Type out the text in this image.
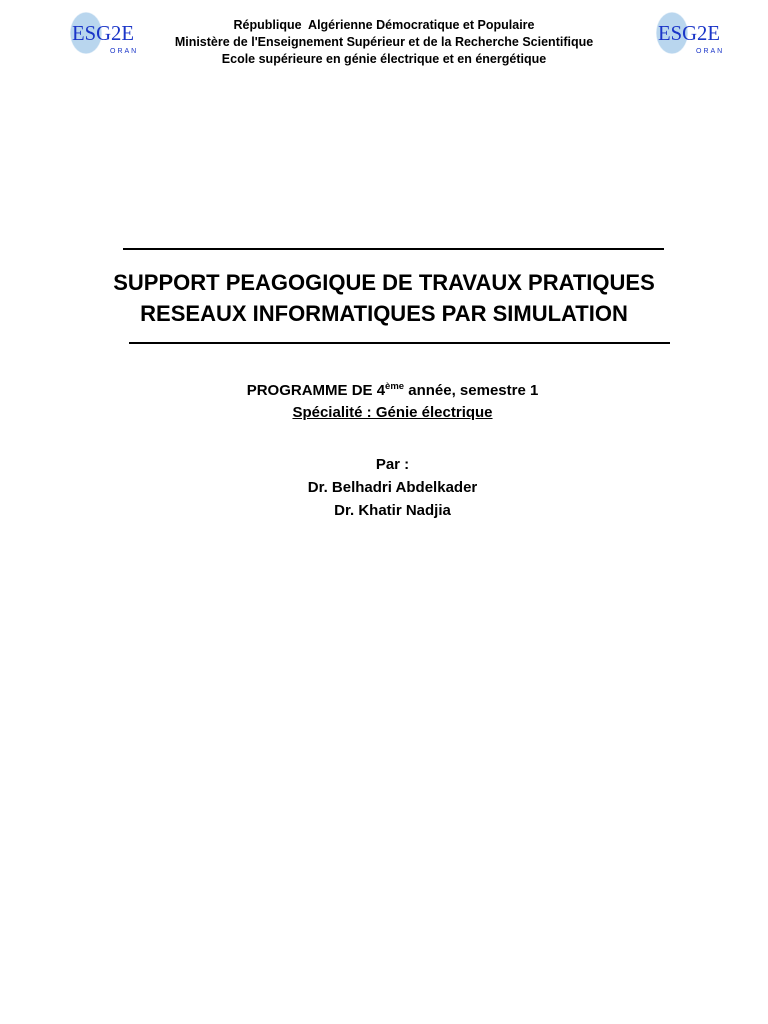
ESG2E
ORAN
ESG2E
ORAN
République  Algérienne Démocratique et Populaire
Ministère de l'Enseignement Supérieur et de la Recherche Scientifique
Ecole supérieure en génie électrique et en énergétique
SUPPORT PEAGOGIQUE DE TRAVAUX PRATIQUES
RESEAUX INFORMATIQUES PAR SIMULATION
PROGRAMME DE 4ème année, semestre 1
Spécialité : Génie électrique
Par :
Dr. Belhadri Abdelkader
Dr. Khatir Nadjia
